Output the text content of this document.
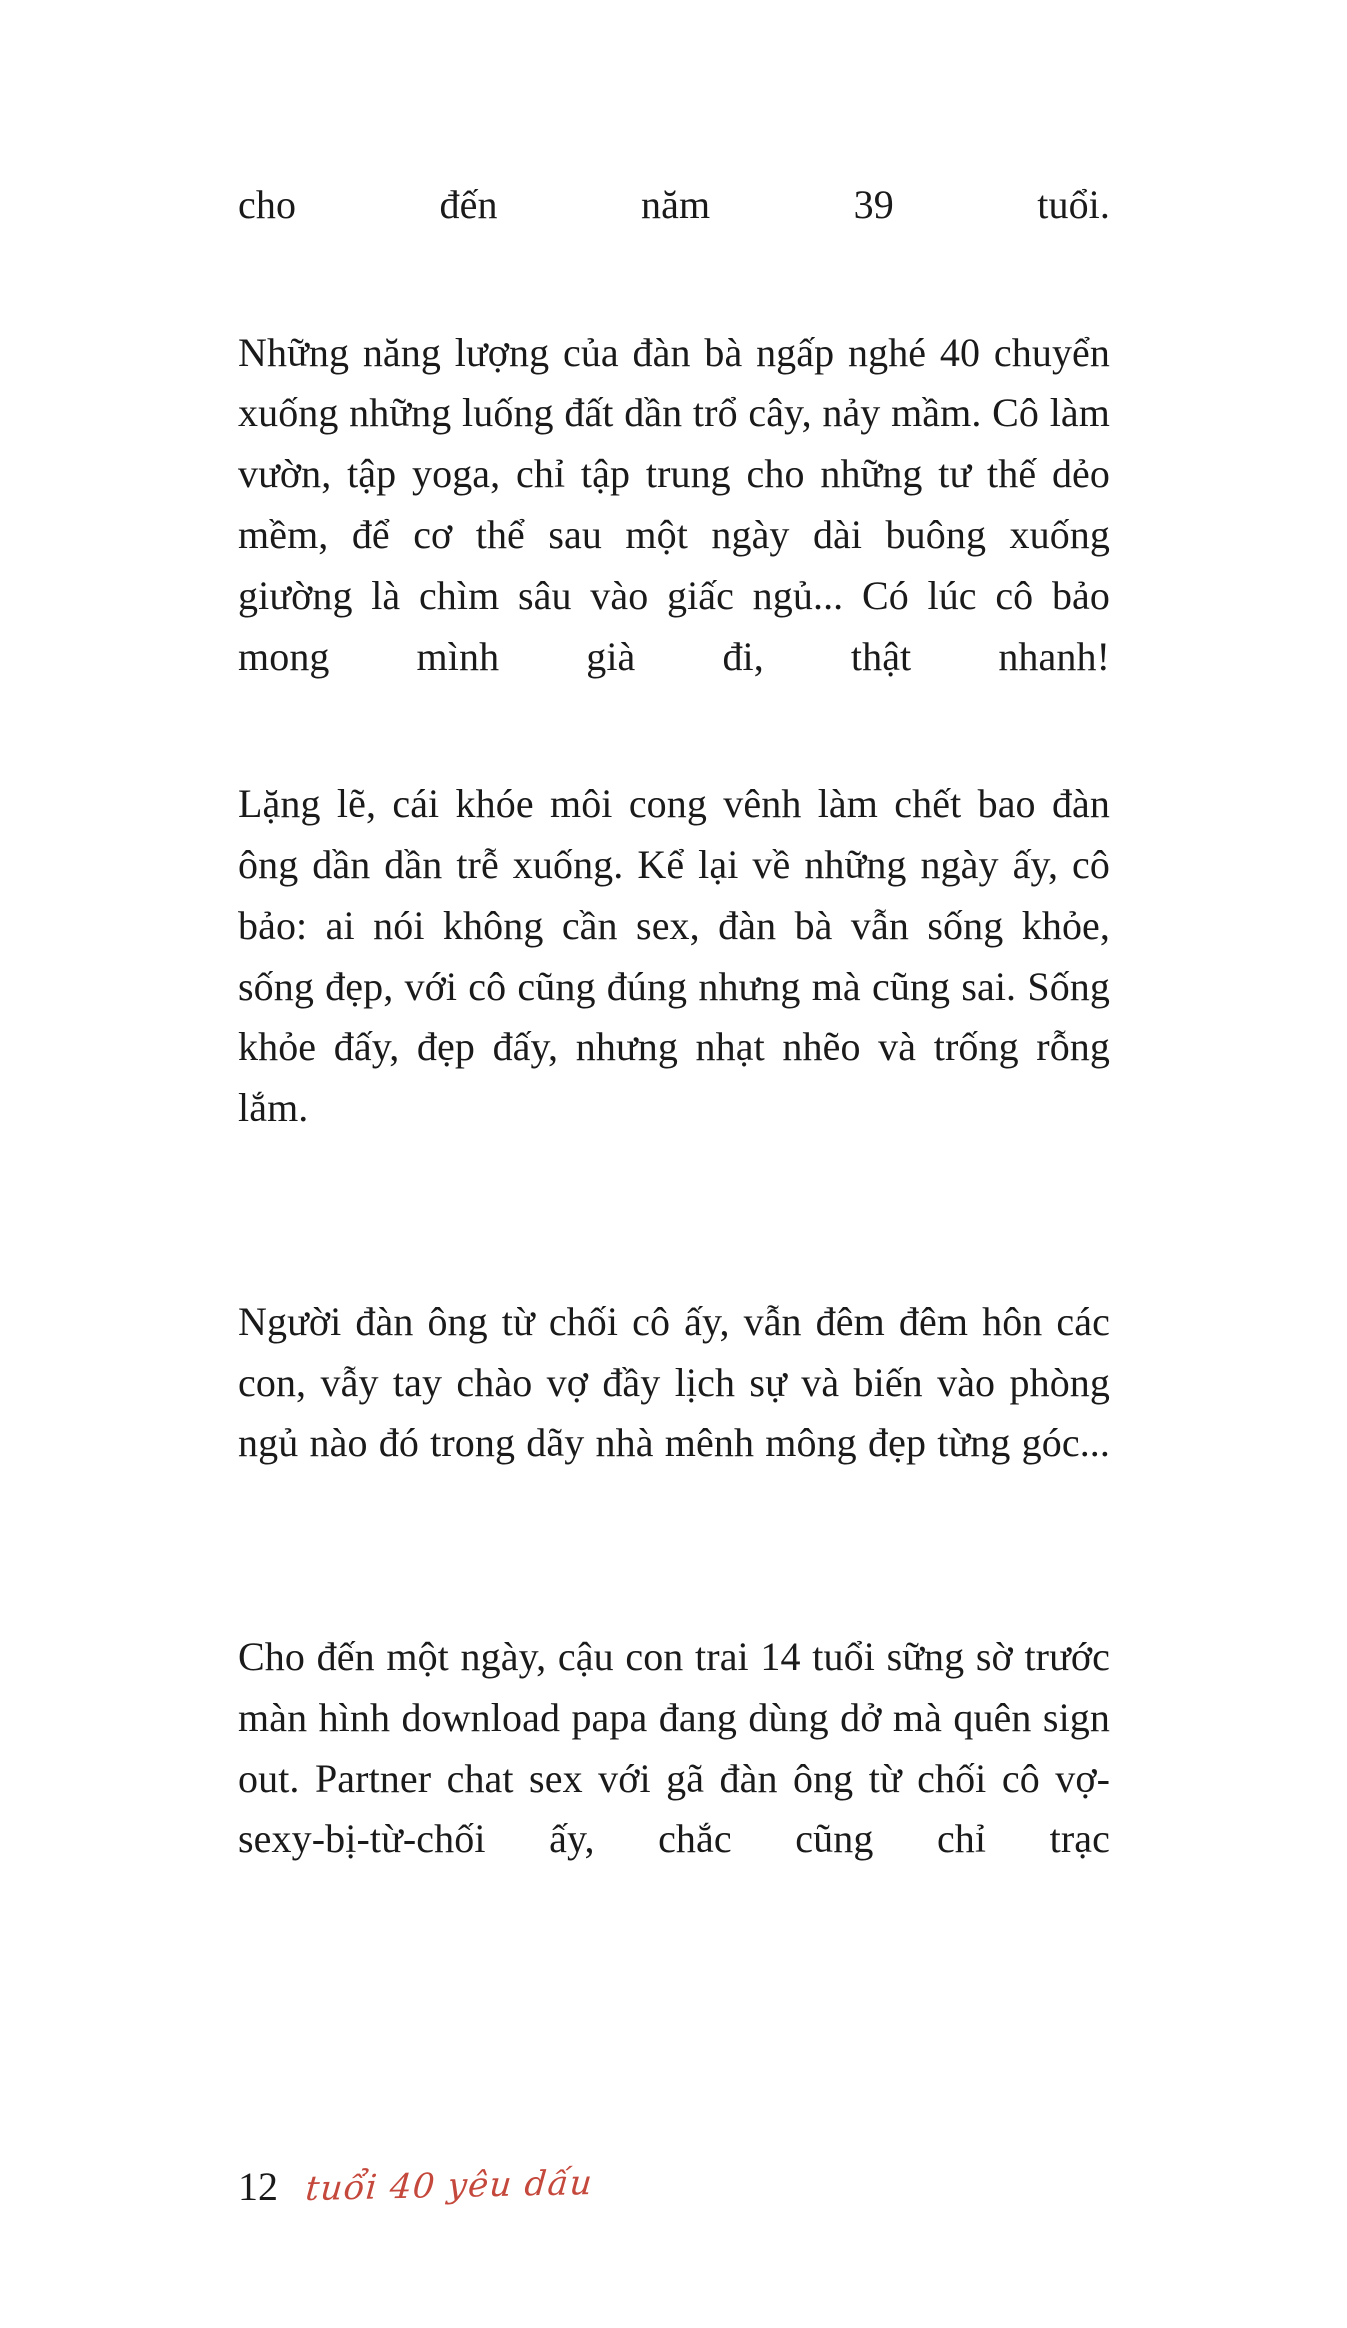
cho đến năm 39 tuổi.

Những năng lượng của đàn bà ngấp nghé 40 chuyển xuống những luống đất dần trổ cây, nảy mầm. Cô làm vườn, tập yoga, chỉ tập trung cho những tư thế dẻo mềm, để cơ thể sau một ngày dài buông xuống giường là chìm sâu vào giấc ngủ... Có lúc cô bảo mong mình già đi, thật nhanh!

Lặng lẽ, cái khóe môi cong vênh làm chết bao đàn ông dần dần trễ xuống. Kể lại về những ngày ấy, cô bảo: ai nói không cần sex, đàn bà vẫn sống khỏe, sống đẹp, với cô cũng đúng nhưng mà cũng sai. Sống khỏe đấy, đẹp đấy, nhưng nhạt nhẽo và trống rỗng lắm.

Người đàn ông từ chối cô ấy, vẫn đêm đêm hôn các con, vẫy tay chào vợ đầy lịch sự và biến vào phòng ngủ nào đó trong dãy nhà mênh mông đẹp từng góc...

Cho đến một ngày, cậu con trai 14 tuổi sững sờ trước màn hình download papa đang dùng dở mà quên sign out. Partner chat sex với gã đàn ông từ chối cô vợ-sexy-bị-từ-chối ấy, chắc cũng chỉ trạc

12 tuổi 40 yêu dấu
